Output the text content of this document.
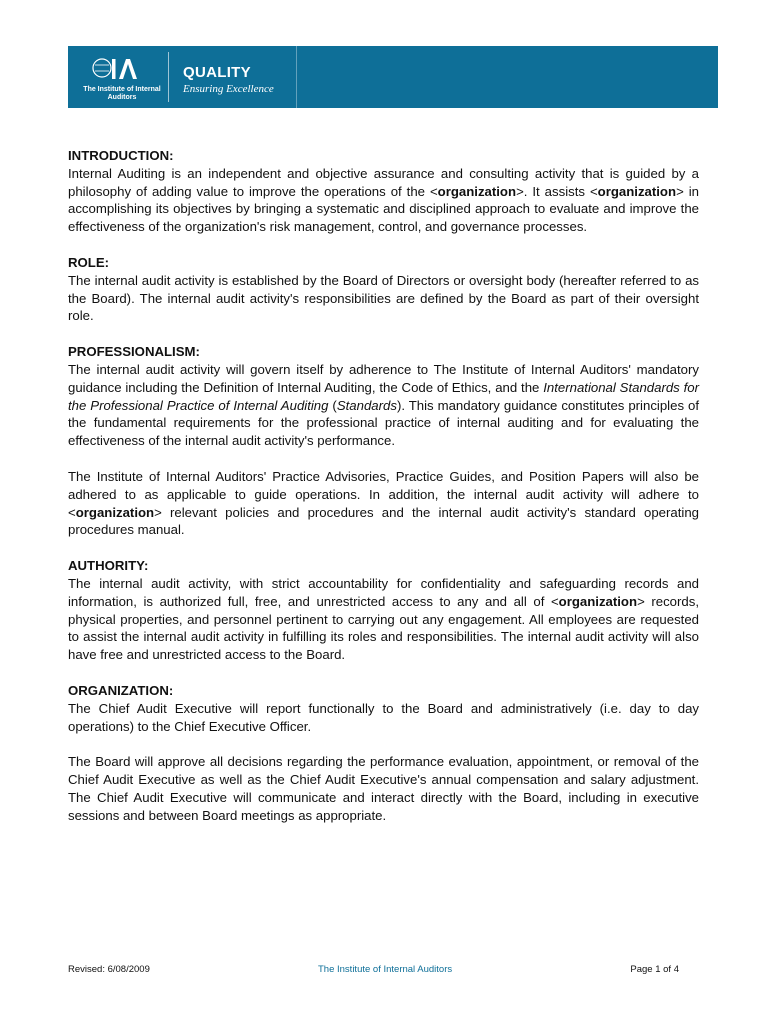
The Institute of Internal Auditors
QUALITY
Ensuring Excellence
INTRODUCTION:

Internal Auditing is an independent and objective assurance and consulting activity that is guided by a philosophy of adding value to improve the operations of the <organization>. It assists <organization> in accomplishing its objectives by bringing a systematic and disciplined approach to evaluate and improve the effectiveness of the organization's risk management, control, and governance processes.

ROLE:

The internal audit activity is established by the Board of Directors or oversight body (hereafter referred to as the Board). The internal audit activity's responsibilities are defined by the Board as part of their oversight role.

PROFESSIONALISM:

The internal audit activity will govern itself by adherence to The Institute of Internal Auditors' mandatory guidance including the Definition of Internal Auditing, the Code of Ethics, and the International Standards for the Professional Practice of Internal Auditing (Standards). This mandatory guidance constitutes principles of the fundamental requirements for the professional practice of internal auditing and for evaluating the effectiveness of the internal audit activity's performance.

The Institute of Internal Auditors' Practice Advisories, Practice Guides, and Position Papers will also be adhered to as applicable to guide operations. In addition, the internal audit activity will adhere to <organization> relevant policies and procedures and the internal audit activity's standard operating procedures manual.

AUTHORITY:

The internal audit activity, with strict accountability for confidentiality and safeguarding records and information, is authorized full, free, and unrestricted access to any and all of <organization> records, physical properties, and personnel pertinent to carrying out any engagement. All employees are requested to assist the internal audit activity in fulfilling its roles and responsibilities. The internal audit activity will also have free and unrestricted access to the Board.

ORGANIZATION:

The Chief Audit Executive will report functionally to the Board and administratively (i.e. day to day operations) to the Chief Executive Officer.

The Board will approve all decisions regarding the performance evaluation, appointment, or removal of the Chief Audit Executive as well as the Chief Audit Executive's annual compensation and salary adjustment. The Chief Audit Executive will communicate and interact directly with the Board, including in executive sessions and between Board meetings as appropriate.

Revised: 6/08/2009	The Institute of Internal Auditors	Page 1 of 4
